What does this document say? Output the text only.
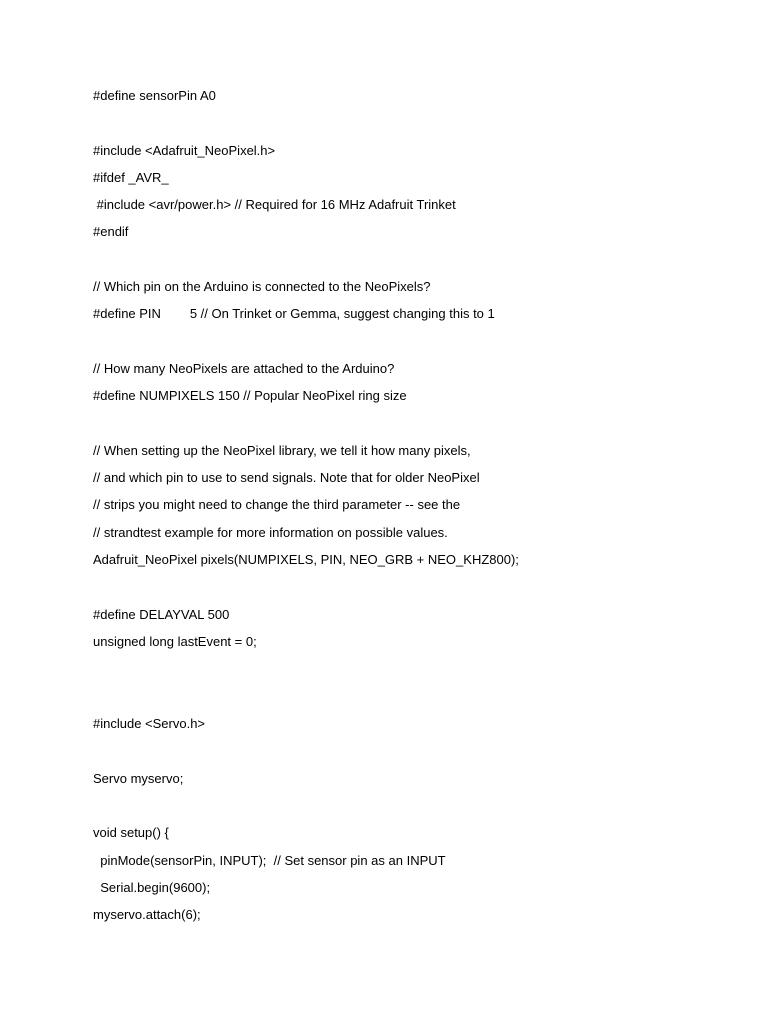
#define sensorPin A0
#include <Adafruit_NeoPixel.h>
#ifdef _AVR_
#include <avr/power.h> // Required for 16 MHz Adafruit Trinket
#endif
// Which pin on the Arduino is connected to the NeoPixels?
#define PIN        5 // On Trinket or Gemma, suggest changing this to 1
// How many NeoPixels are attached to the Arduino?
#define NUMPIXELS 150 // Popular NeoPixel ring size
// When setting up the NeoPixel library, we tell it how many pixels,
// and which pin to use to send signals. Note that for older NeoPixel
// strips you might need to change the third parameter -- see the
// strandtest example for more information on possible values.
Adafruit_NeoPixel pixels(NUMPIXELS, PIN, NEO_GRB + NEO_KHZ800);
#define DELAYVAL 500
unsigned long lastEvent = 0;
#include <Servo.h>
Servo myservo;
void setup() {
pinMode(sensorPin, INPUT);  // Set sensor pin as an INPUT
Serial.begin(9600);
myservo.attach(6);
